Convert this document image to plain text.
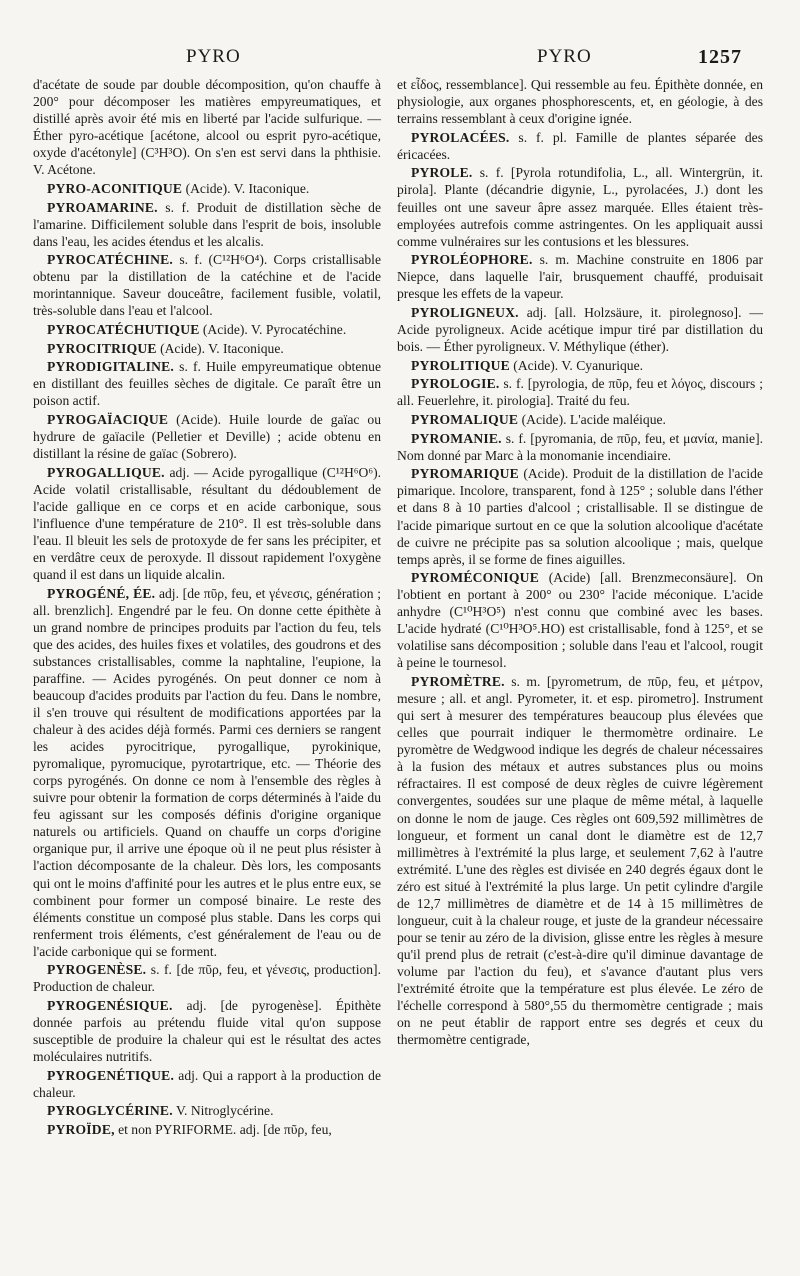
PYRO	PYRO	1257

d'acétate de soude par double décomposition, qu'on chauffe à 200° pour décomposer les matières empyreumatiques, et distillé après avoir été mis en liberté par l'acide sulfurique. — Éther pyro-acétique [acétone, alcool ou esprit pyro-acétique, oxyde d'acétonyle] (C³H³O). On s'en est servi dans la phthisie. V. Acétone.

PYRO-ACONITIQUE (Acide). V. Itaconique.

PYROAMARINE. s. f. Produit de distillation sèche de l'amarine. Difficilement soluble dans l'esprit de bois, insoluble dans l'eau, les acides étendus et les alcalis.

PYROCATÉCHINE. s. f. (C¹²H⁶O⁴). Corps cristallisable obtenu par la distillation de la catéchine et de l'acide morintannique. Saveur douceâtre, facilement fusible, volatil, très-soluble dans l'eau et l'alcool.

PYROCATÉCHUTIQUE (Acide). V. Pyrocatéchine.

PYROCITRIQUE (Acide). V. Itaconique.

PYRODIGITALINE. s. f. Huile empyreumatique obtenue en distillant des feuilles sèches de digitale. Ce paraît être un poison actif.

PYROGAÏACIQUE (Acide). Huile lourde de gaïac ou hydrure de gaïacile (Pelletier et Deville) ; acide obtenu en distillant la résine de gaïac (Sobrero).

PYROGALLIQUE. adj. — Acide pyrogallique (C¹²H⁶O⁶). Acide volatil cristallisable, résultant du dédoublement de l'acide gallique en ce corps et en acide carbonique, sous l'influence d'une température de 210°. Il est très-soluble dans l'eau. Il bleuit les sels de protoxyde de fer sans les précipiter, et en verdâtre ceux de peroxyde. Il dissout rapidement l'oxygène quand il est dans un liquide alcalin.

PYROGÉNÉ, ÉE. adj. [de πῦρ, feu, et γένεσις, génération ; all. brenzlich]. Engendré par le feu. On donne cette épithète à un grand nombre de principes produits par l'action du feu, tels que des acides, des huiles fixes et volatiles, des goudrons et des substances cristallisables, comme la naphtaline, l'eupione, la paraffine. — Acides pyrogénés. On peut donner ce nom à beaucoup d'acides produits par l'action du feu. Dans le nombre, il s'en trouve qui résultent de modifications apportées par la chaleur à des acides déjà formés. Parmi ces derniers se rangent les acides pyrocitrique, pyrogallique, pyrokinique, pyromalique, pyromucique, pyrotartrique, etc. — Théorie des corps pyrogénés. On donne ce nom à l'ensemble des règles à suivre pour obtenir la formation de corps déterminés à l'aide du feu agissant sur les composés définis d'origine organique naturels ou artificiels. Quand on chauffe un corps d'origine organique pur, il arrive une époque où il ne peut plus résister à l'action décomposante de la chaleur. Dès lors, les composants qui ont le moins d'affinité pour les autres et le plus entre eux, se combinent pour former un composé binaire. Le reste des éléments constitue un composé plus stable. Dans les corps qui renferment trois éléments, c'est généralement de l'eau ou de l'acide carbonique qui se forment.

PYROGENÈSE. s. f. [de πῦρ, feu, et γένεσις, production]. Production de chaleur.

PYROGENÉSIQUE. adj. [de pyrogenèse]. Épithète donnée parfois au prétendu fluide vital qu'on suppose susceptible de produire la chaleur qui est le résultat des actes moléculaires nutritifs.

PYROGENÉTIQUE. adj. Qui a rapport à la production de chaleur.

PYROGLYCÉRINE. V. Nitroglycérine.

PYROÏDE, et non PYRIFORME. adj. [de πῦρ, feu,

et εἶδος, ressemblance]. Qui ressemble au feu. Épithète donnée, en physiologie, aux organes phosphorescents, et, en géologie, à des terrains ressemblant à ceux d'origine ignée.

PYROLACÉES. s. f. pl. Famille de plantes séparée des éricacées.

PYROLE. s. f. [Pyrola rotundifolia, L., all. Wintergrün, it. pirola]. Plante (décandrie digynie, L., pyrolacées, J.) dont les feuilles ont une saveur âpre assez marquée. Elles étaient très-employées autrefois comme astringentes. On les appliquait aussi comme vulnéraires sur les contusions et les blessures.

PYROLÉOPHORE. s. m. Machine construite en 1806 par Niepce, dans laquelle l'air, brusquement chauffé, produisait presque les effets de la vapeur.

PYROLIGNEUX. adj. [all. Holzsäure, it. pirolegnoso]. — Acide pyroligneux. Acide acétique impur tiré par distillation du bois. — Éther pyroligneux. V. Méthylique (éther).

PYROLITIQUE (Acide). V. Cyanurique.

PYROLOGIE. s. f. [pyrologia, de πῦρ, feu et λόγος, discours ; all. Feuerlehre, it. pirologia]. Traité du feu.

PYROMALIQUE (Acide). L'acide maléique.

PYROMANIE. s. f. [pyromania, de πῦρ, feu, et μανία, manie]. Nom donné par Marc à la monomanie incendiaire.

PYROMARIQUE (Acide). Produit de la distillation de l'acide pimarique. Incolore, transparent, fond à 125° ; soluble dans l'éther et dans 8 à 10 parties d'alcool ; cristallisable. Il se distingue de l'acide pimarique surtout en ce que la solution alcoolique d'acétate de cuivre ne précipite pas sa solution alcoolique ; mais, quelque temps après, il se forme de fines aiguilles.

PYROMÉCONIQUE (Acide) [all. Brenzmeconsäure]. On l'obtient en portant à 200° ou 230° l'acide méconique. L'acide anhydre (C¹⁰H³O⁵) n'est connu que combiné avec les bases. L'acide hydraté (C¹⁰H³O⁵.HO) est cristallisable, fond à 125°, et se volatilise sans décomposition ; soluble dans l'eau et l'alcool, rougit à peine le tournesol.

PYROMÈTRE. s. m. [pyrometrum, de πῦρ, feu, et μέτρον, mesure ; all. et angl. Pyrometer, it. et esp. pirometro]. Instrument qui sert à mesurer des températures beaucoup plus élevées que celles que pourrait indiquer le thermomètre ordinaire. Le pyromètre de Wedgwood indique les degrés de chaleur nécessaires à la fusion des métaux et autres substances plus ou moins réfractaires. Il est composé de deux règles de cuivre légèrement convergentes, soudées sur une plaque de même métal, à laquelle on donne le nom de jauge. Ces règles ont 609,592 millimètres de longueur, et forment un canal dont le diamètre est de 12,7 millimètres à l'extrémité la plus large, et seulement 7,62 à l'autre extrémité. L'une des règles est divisée en 240 degrés égaux dont le zéro est situé à l'extrémité la plus large. Un petit cylindre d'argile de 12,7 millimètres de diamètre et de 14 à 15 millimètres de longueur, cuit à la chaleur rouge, et juste de la grandeur nécessaire pour se tenir au zéro de la division, glisse entre les règles à mesure qu'il prend plus de retrait (c'est-à-dire qu'il diminue davantage de volume par l'action du feu), et s'avance d'autant plus vers l'extrémité étroite que la température est plus élevée. Le zéro de l'échelle correspond à 580°,55 du thermomètre centigrade ; mais on ne peut établir de rapport entre ses degrés et ceux du thermomètre centigrade,
